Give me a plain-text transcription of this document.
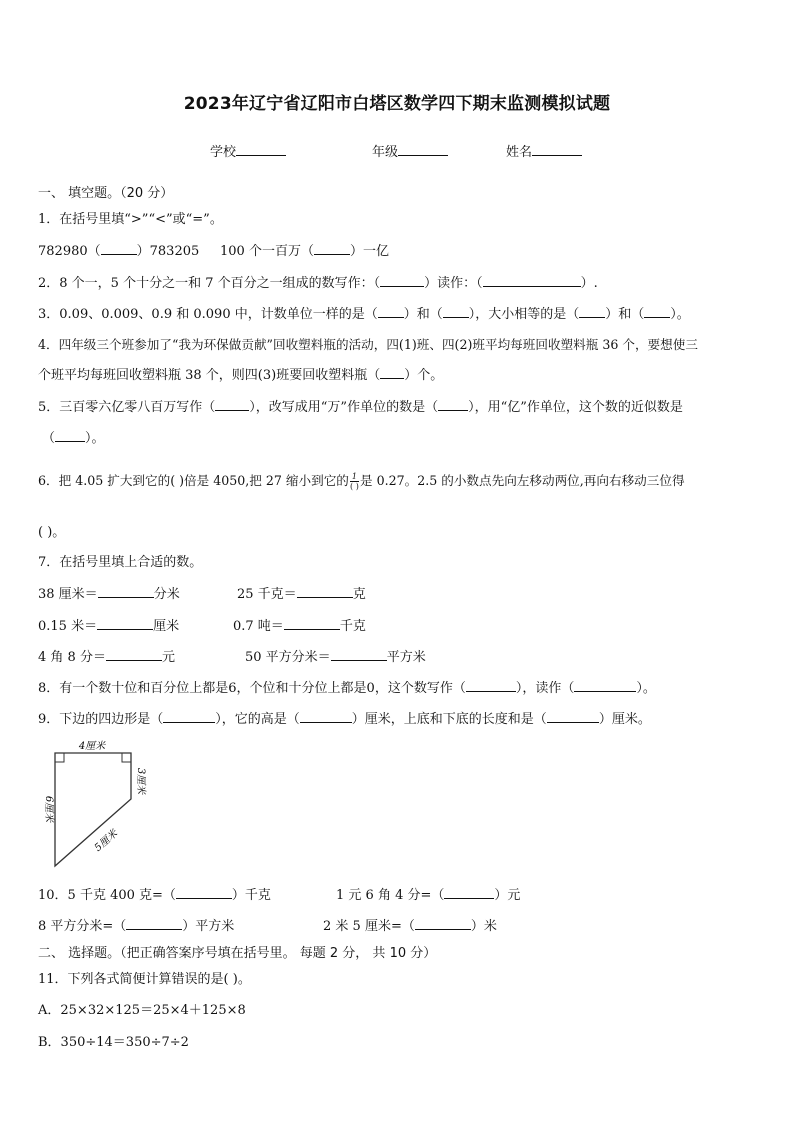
2023年辽宁省辽阳市白塔区数学四下期末监测模拟试题
学校	年级	姓名
一、 填空题。（20 分）
1．在括号里填“>”“<”或“=”。
782980（	）783205 100 个一百万（	）一亿
2．8 个一，5 个十分之一和 7 个百分之一组成的数写作：（	）读作：（	）.
3．0.09、0.009、0.9 和 0.090 中，计数单位一样的是（ ）和（ ），大小相等的是（ ）和（ ）。
4．四年级三个班参加了“我为环保做贡献”回收塑料瓶的活动，四(1)班、四(2)班平均每班回收塑料瓶 36 个，要想使三
个班平均每班回收塑料瓶 38 个，则四(3)班要回收塑料瓶（ ）个。
5．三百零六亿零八百万写作（	），改写成用“万”作单位的数是（ ），用“亿”作单位，这个数的近似数是
（ ）。
6．把 4.05 扩大到它的( )倍是 4050,把 27 缩小到它的 $\frac{1}{( )}$ 是 0.27。2.5 的小数点先向左移动两位,再向右移动三位得
( )。
7．在括号里填上合适的数。
38 厘米＝	分米	25 千克＝	克
0.15 米＝	厘米	0.7 吨＝	千克
4 角 8 分＝	元	50 平方分米＝	平方米
8．有一个数十位和百分位上都是6，个位和十分位上都是0，这个数写作（	），读作（	）。
9．下边的四边形是（	），它的高是（	）厘米，上底和下底的长度和是（	）厘米。
4厘米
3厘米
6厘米
5厘米
10．5 千克 400 克=（	）千克	1 元 6 角 4 分=（	）元
8 平方分米=（	）平方米	2 米 5 厘米=（	）米
二、 选择题。（把正确答案序号填在括号里。 每题 2 分， 共 10 分）
11．下列各式简便计算错误的是( )。
A．25×32×125＝25×4＋125×8
B．350÷14＝350÷7÷2
